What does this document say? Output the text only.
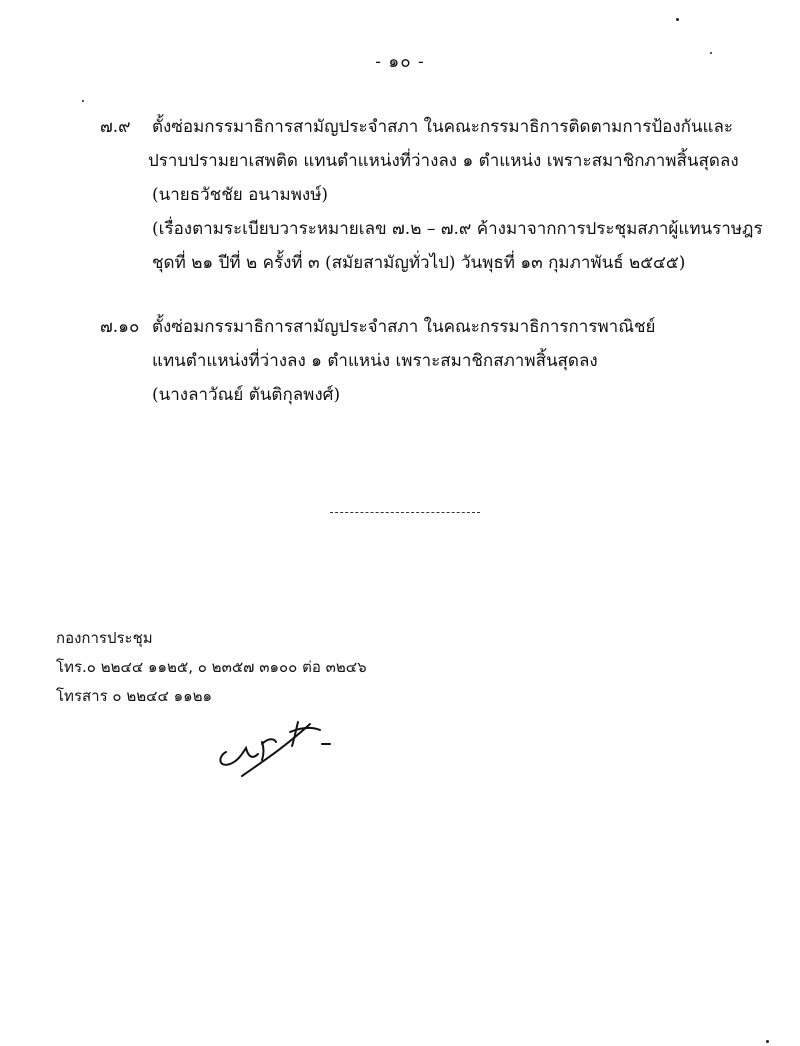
- ๑๐ -
๗.๙	ตั้งซ่อมกรรมาธิการสามัญประจำสภา ในคณะกรรมาธิการติดตามการป้องกันและ
ปราบปรามยาเสพติด แทนตำแหน่งที่ว่างลง ๑ ตำแหน่ง เพราะสมาชิกภาพสิ้นสุดลง
(นายธวัชชัย อนามพงษ์)
(เรื่องตามระเบียบวาระหมายเลข ๗.๒ – ๗.๙ ค้างมาจากการประชุมสภาผู้แทนราษฎร
ชุดที่ ๒๑ ปีที่ ๒ ครั้งที่ ๓ (สมัยสามัญทั่วไป) วันพุธที่ ๑๓ กุมภาพันธ์ ๒๕๔๕)
๗.๑๐ ตั้งซ่อมกรรมาธิการสามัญประจำสภา ในคณะกรรมาธิการการพาณิชย์
แทนตำแหน่งที่ว่างลง ๑ ตำแหน่ง เพราะสมาชิกสภาพสิ้นสุดลง
(นางลาวัณย์ ตันติกุลพงศ์)
กองการประชุม
โทร.๐ ๒๒๔๔ ๑๑๒๕, ๐ ๒๓๕๗ ๓๑๐๐ ต่อ ๓๒๔๖
โทรสาร ๐ ๒๒๔๔ ๑๑๒๑
